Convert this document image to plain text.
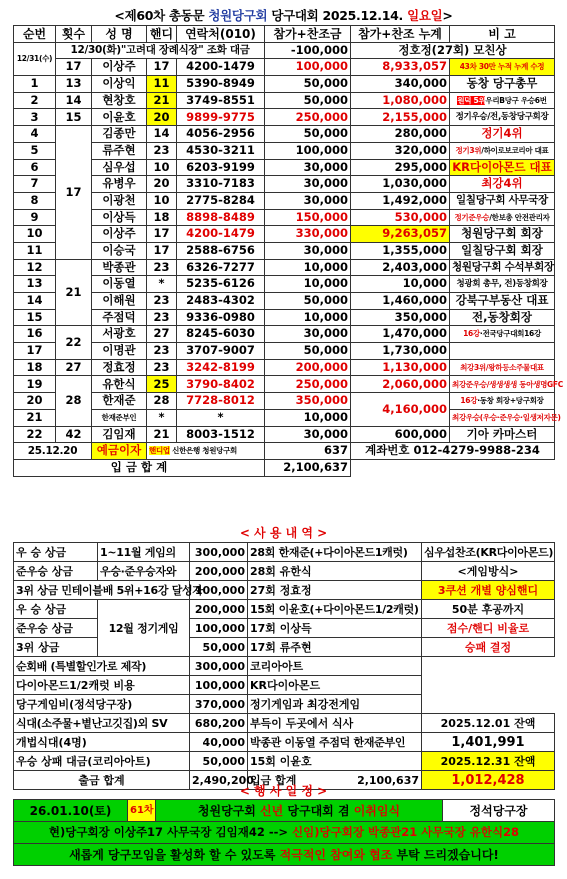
<제60차 총동문 청원당구회 당구대회 2025.12.14. 일요일>
순번	횟수	성 명	핸디	연락처(010)	참가+찬조금	참가+찬조 누계	비 고
12/31(수)	12/30(화)"고려대 장례식장" 조화 대금				-100,000	정호정(27회) 모친상	
	17	이상주	17	4200-1479	100,000	8,933,057	43차 30만 누적 누계 수정
1	13	이상익	11	5390-8949	50,000	340,000	동창 당구총무
2	14	현창호	21	3749-8551	50,000	1,080,000	원덕 5위우리B당구 우승6번
3	15	이윤호	20	9899-9775	250,000	2,155,000	정기우승/전,동창당구회장
4	17	김종만	14	4056-2956	50,000	280,000	정기4위
5		류주현	23	4530-3211	100,000	320,000	정기3위/하이로보코리아 대표
6		심우섭	10	6203-9199	30,000	295,000	KR다이아몬드 대표
7		유병우	20	3310-7183	30,000	1,030,000	최강4위
8		이광천	10	2775-8284	30,000	1,492,000	일칠당구회 사무국장
9		이상득	18	8898-8489	150,000	530,000	정기준우승/한보총 안전관리자
10		이상주	17	4200-1479	330,000	9,263,057	청원당구회 회장
11		이승국	17	2588-6756	30,000	1,355,000	일칠당구회 회장
12	21	박종관	23	6326-7277	10,000	2,403,000	청원당구회 수석부회장
13		이동열	*	5235-6126	10,000	10,000	청광회 총무, 전)동창회장
14		이해원	23	2483-4302	50,000	1,460,000	강북구부동산 대표
15		주점덕	23	9336-0980	10,000	350,000	전,동창회장
16	22	서광호	27	8245-6030	30,000	1,470,000	16강·전국당구대회16강
17		이명관	23	3707-9007	50,000	1,730,000	
18	27	정효정	23	3242-8199	200,000	1,130,000	최강3위/왕하등소주물대표
19	28	유한식	25	3790-8402	250,000	2,060,000	최강준우승/생생생생 동아생명GFC
20		한재준	28	7728-8012	350,000	4,160,000	16강·동창 회장+당구회장
21		한재준부인	*	*	10,000		최강우승(우승·준우승·일생저자문)
22	42	김임재	21	8003-1512	30,000	600,000	기아 카마스터
25.12.20		예금이자	핸디업 신한은행 청원당구회		637	계좌번호 012-4279-9988-234	
입 금 합 계					2,100,637		
< 사 용 내 역 >
우 승 상금	1~11월 게임의	300,000	28회 한재준(+다이아몬드1캐럿)	심우섭찬조(KR다이아몬드)
준우승 상금	우승·준우승자와	200,000	28회 유한식	<게임방식>
3위 상금 민테이블배 5위+16강 달성자		100,000	27회 정효정	3쿠션 개별 양심핸디
우 승 상금	12월 정기게임	200,000	15회 이윤호(+다이아몬드1/2캐럿)	50분 후공까지
준우승 상금		100,000	17회 이상득	점수/핸디 비율로
3위 상금		50,000	17회 류주현	승패 결정
순회배 (특별할인가로 제작)		300,000	코리아아트	
다이아몬드1/2캐럿 비용		100,000	KR다이아몬드	
당구게임비(정석당구장)		370,000	정기게임과 최강전게임	
식대(소주물+볕난고깃집)외 SV		680,200	부득이 두곳에서 식사	2025.12.01 잔액
개법식대(4명)		40,000	박종관 이동열 주점덕 한재준부인	1,401,991
우승 상패 대금(코리아아트)		50,000	15회 이윤호	2025.12.31 잔액
출금 합계		2,490,200	입금 합계 2,100,637	1,012,428
< 행 사 일 정 >
26.01.10(토)	61차	청원당구회 신년 당구대회 겸 이취임식	정석당구장
현)당구회장 이상주17 사무국장 김임재42 --> 신임)당구회장 박종관21 사무국장 유한식28
새롭게 당구모임을 활성화 할 수 있도록 적극적인 참여와 협조 부탁 드리겠습니다!
